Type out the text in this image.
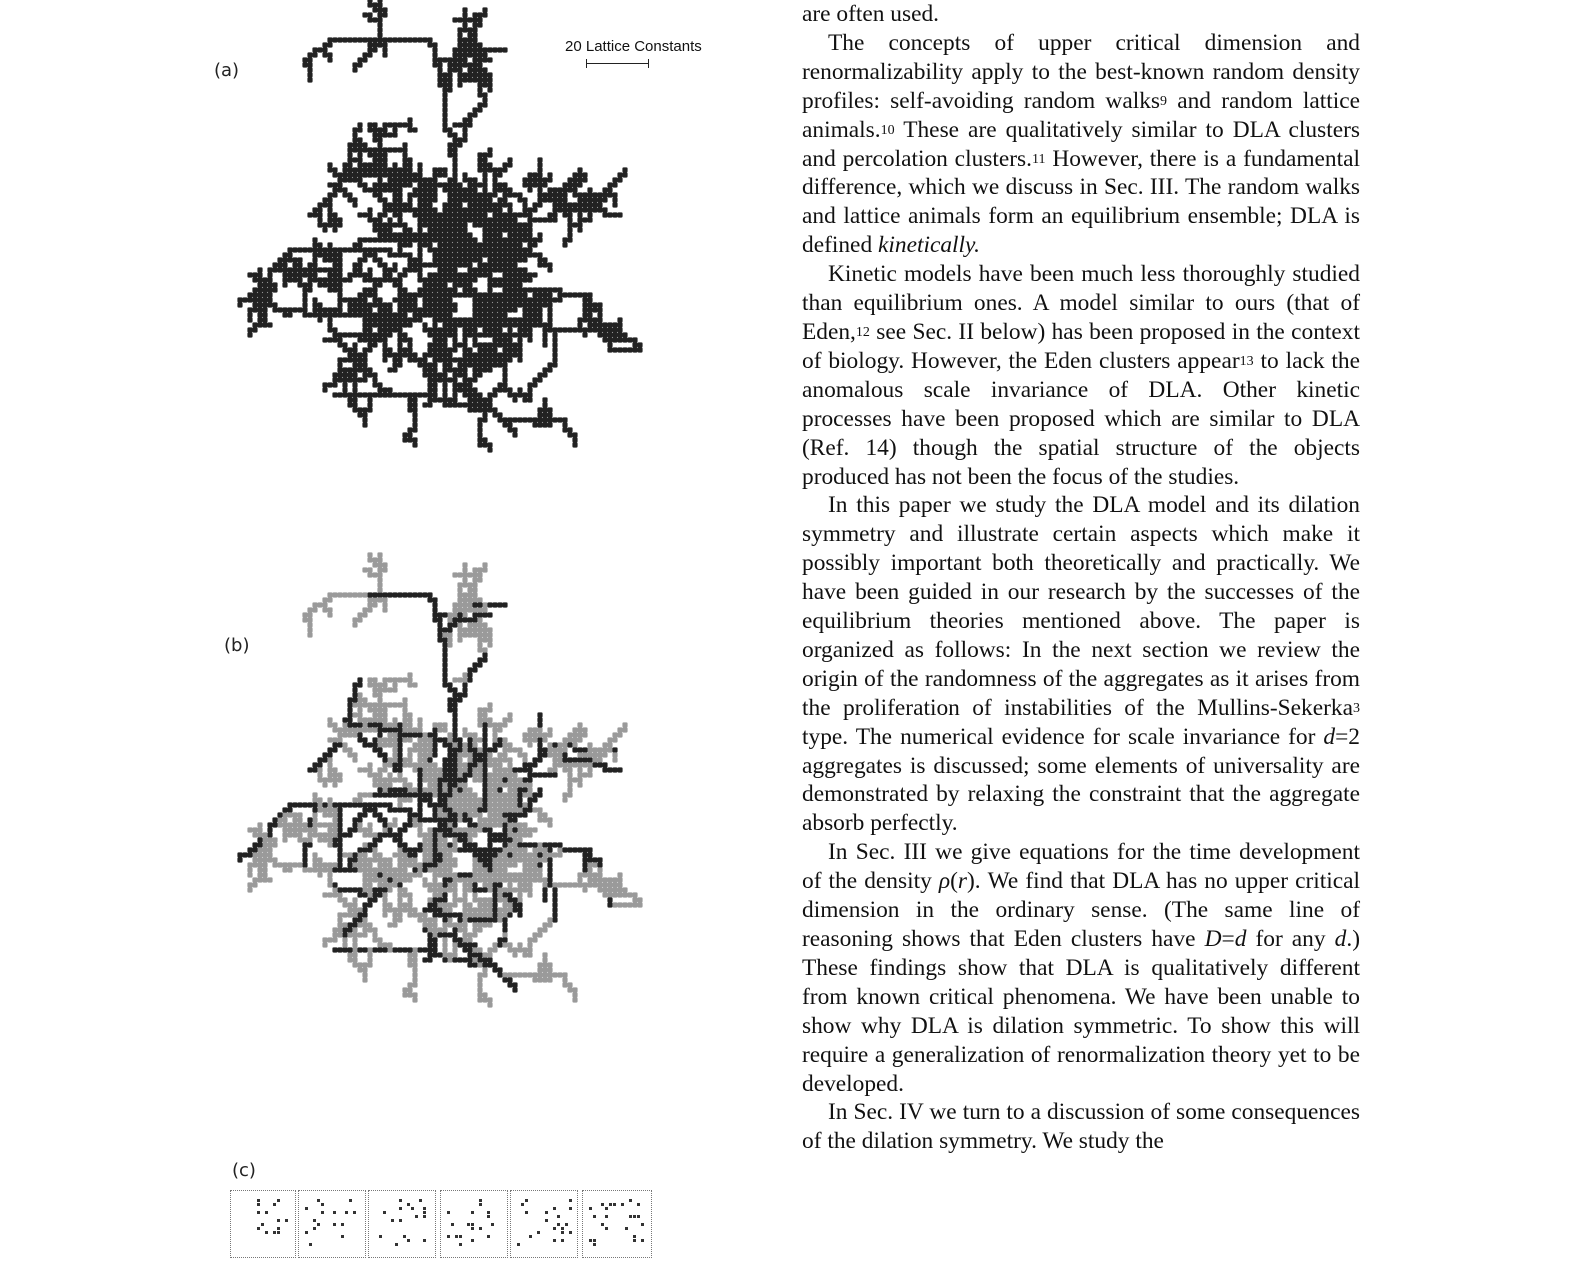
(a)
20 Lattice Constants
(b)
(c)

are often used.

The concepts of upper critical dimension and renormalizability apply to the best-known random density profiles: self-avoiding random walks$^9$ and random lattice animals.$^{10}$ These are qualitatively similar to DLA clusters and percolation clusters.$^{11}$ However, there is a fundamental difference, which we discuss in Sec. III. The random walks and lattice animals form an equilibrium ensemble; DLA is defined kinetically.

Kinetic models have been much less thoroughly studied than equilibrium ones. A model similar to ours (that of Eden,$^{12}$ see Sec. II below) has been proposed in the context of biology. However, the Eden clusters appear$^{13}$ to lack the anomalous scale invariance of DLA. Other kinetic processes have been proposed which are similar to DLA (Ref. 14) though the spatial structure of the objects produced has not been the focus of the studies.

In this paper we study the DLA model and its dilation symmetry and illustrate certain aspects which make it possibly important both theoretically and practically. We have been guided in our research by the successes of the equilibrium theories mentioned above. The paper is organized as follows: In the next section we review the origin of the randomness of the aggregates as it arises from the proliferation of instabilities of the Mullins-Sekerka$^3$ type. The numerical evidence for scale invariance for d=2 aggregates is discussed; some elements of universality are demonstrated by relaxing the constraint that the aggregate absorb perfectly.

In Sec. III we give equations for the time development of the density ρ(r). We find that DLA has no upper critical dimension in the ordinary sense. (The same line of reasoning shows that Eden clusters have D=d for any d.) These findings show that DLA is qualitatively different from known critical phenomena. We have been unable to show why DLA is dilation symmetric. To show this will require a generalization of renormalization theory yet to be developed.

In Sec. IV we turn to a discussion of some consequences of the dilation symmetry. We study the
